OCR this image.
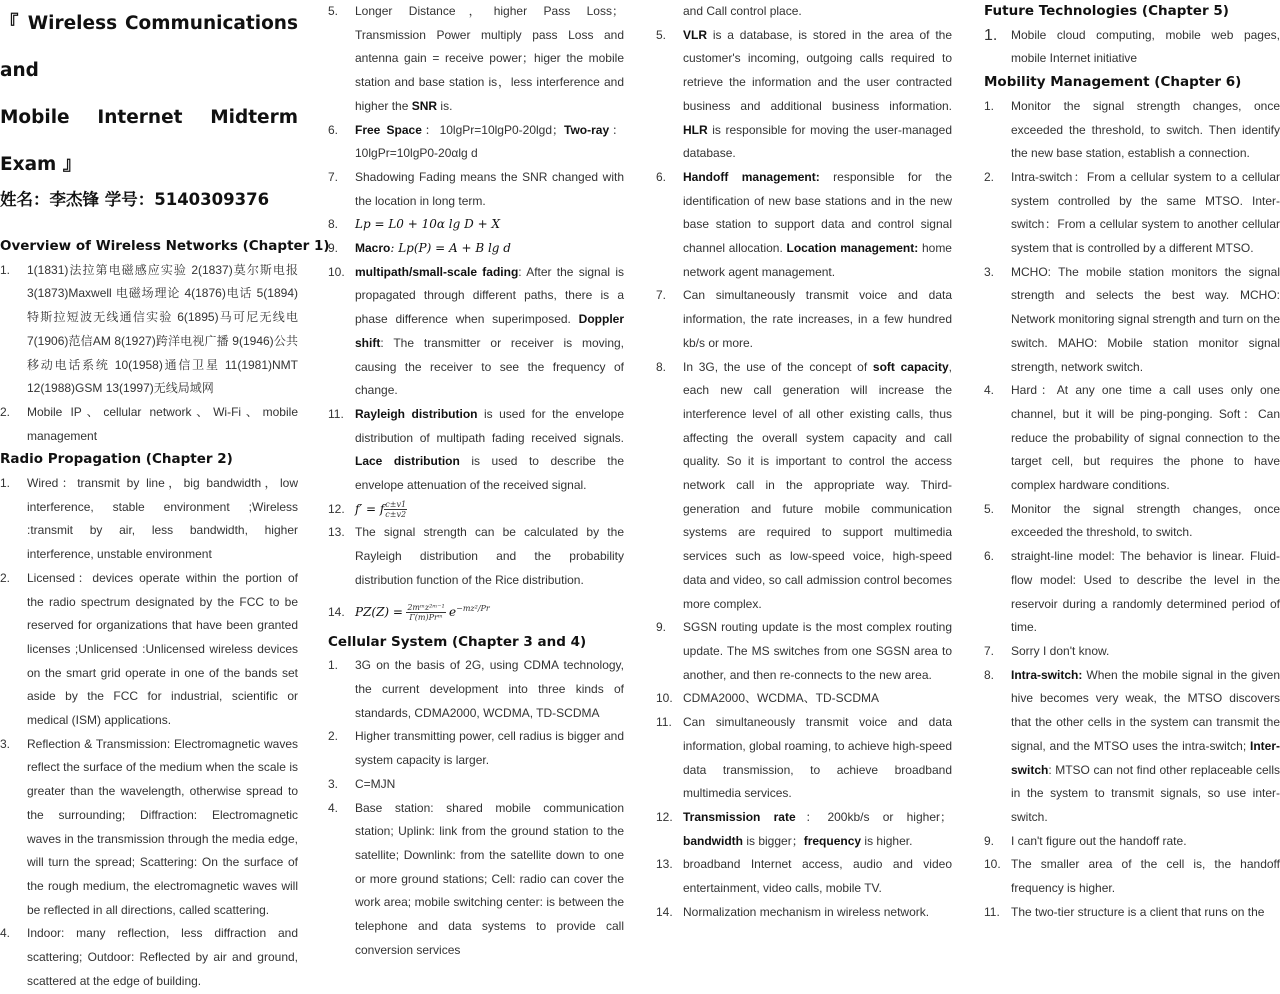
『 Wireless Communications and
Mobile Internet Midterm Exam 』
姓名：李杰锋 学号：5140309376
Overview of Wireless Networks (Chapter 1)
1. 1(1831)法拉第电磁感应实验 2(1837)莫尔斯电报 3(1873)Maxwell 电磁场理论 4(1876)电话 5(1894)特斯拉短波无线通信实验 6(1895)马可尼无线电 7(1906)范信AM 8(1927)跨洋电视广播 9(1946)公共移动电话系统 10(1958)通信卫星 11(1981)NMT 12(1988)GSM 13(1997)无线局域网
2. Mobile IP、cellular network、Wi-Fi、mobile management
Radio Propagation (Chapter 2)
1. Wired：transmit by line，big bandwidth，low interference, stable environment ;Wireless :transmit by air, less bandwidth, higher interference, unstable environment
2. Licensed：devices operate within the portion of the radio spectrum designated by the FCC to be reserved for organizations that have been granted licenses ;Unlicensed :Unlicensed wireless devices on the smart grid operate in one of the bands set aside by the FCC for industrial, scientific or medical (ISM) applications.
3. Reflection & Transmission: Electromagnetic waves reflect the surface of the medium when the scale is greater than the wavelength, otherwise spread to the surrounding; Diffraction: Electromagnetic waves in the transmission through the media edge, will turn the spread; Scattering: On the surface of the rough medium, the electromagnetic waves will be reflected in all directions, called scattering.
4. Indoor: many reflection, less diffraction and scattering; Outdoor: Reflected by air and ground, scattered at the edge of building.
5. Longer Distance，higher Pass Loss；Transmission Power multiply pass Loss and antenna gain = receive power；higer the mobile station and base station is，less interference and higher the SNR is.
6. Free Space：10lgPr=10lgP0-20lgd；Two-ray：10lgPr=10lgP0-20αlg d
7. Shadowing Fading means the SNR changed with the location in long term.
8. Lp = L0 + 10α lg D + X
9. Macro: Lp(P) = A + B lg d
10. multipath/small-scale fading: After the signal is propagated through different paths, there is a phase difference when superimposed. Doppler shift: The transmitter or receiver is moving, causing the receiver to see the frequency of change.
11. Rayleigh distribution is used for the envelope distribution of multipath fading received signals. Lace distribution is used to describe the envelope attenuation of the received signal.
12. f′ = f $\frac{c\pm v1}{c\pm v2}$
13. The signal strength can be calculated by the Rayleigh distribution and the probability distribution function of the Rice distribution.
14. $PZ(Z) = \frac{\text{2mᵐz²ᵐ⁻¹}}{\text{Γ(m)Prᵐ}} e^{-mz^2/Pr}$
Cellular System (Chapter 3 and 4)
1. 3G on the basis of 2G, using CDMA technology, the current development into three kinds of standards, CDMA2000, WCDMA, TD-SCDMA
2. Higher transmitting power, cell radius is bigger and system capacity is larger.
3. C=MJN
4. Base station: shared mobile communication station; Uplink: link from the ground station to the satellite; Downlink: from the satellite down to one or more ground stations; Cell: radio can cover the work area; mobile switching center: is between the telephone and data systems to provide call conversion services
and Call control place.
5. VLR is a database, is stored in the area of the customer's incoming, outgoing calls required to retrieve the information and the user contracted business and additional business information. HLR is responsible for moving the user-managed database.
6. Handoff management: responsible for the identification of new base stations and in the new base station to support data and control signal channel allocation. Location management: home network agent management.
7. Can simultaneously transmit voice and data information, the rate increases, in a few hundred kb/s or more.
8. In 3G, the use of the concept of soft capacity, each new call generation will increase the interference level of all other existing calls, thus affecting the overall system capacity and call quality. So it is important to control the access network call in the appropriate way. Third-generation and future mobile communication systems are required to support multimedia services such as low-speed voice, high-speed data and video, so call admission control becomes more complex.
9. SGSN routing update is the most complex routing update. The MS switches from one SGSN area to another, and then re-connects to the new area.
10. CDMA2000、WCDMA、TD-SCDMA
11. Can simultaneously transmit voice and data information, global roaming, to achieve high-speed data transmission, to achieve broadband multimedia services.
12. Transmission rate：200kb/s or higher；bandwidth is bigger；frequency is higher.
13. broadband Internet access, audio and video entertainment, video calls, mobile TV.
14. Normalization mechanism in wireless network.
Future Technologies (Chapter 5)
1. Mobile cloud computing, mobile web pages, mobile Internet initiative
Mobility Management (Chapter 6)
1. Monitor the signal strength changes, once exceeded the threshold, to switch. Then identify the new base station, establish a connection.
2. Intra-switch：From a cellular system to a cellular system controlled by the same MTSO. Inter-switch：From a cellular system to another cellular system that is controlled by a different MTSO.
3. MCHO: The mobile station monitors the signal strength and selects the best way. MCHO: Network monitoring signal strength and turn on the switch. MAHO: Mobile station monitor signal strength, network switch.
4. Hard：At any one time a call uses only one channel, but it will be ping-ponging. Soft：Can reduce the probability of signal connection to the target cell, but requires the phone to have complex hardware conditions.
5. Monitor the signal strength changes, once exceeded the threshold, to switch.
6. straight-line model: The behavior is linear. Fluid-flow model: Used to describe the level in the reservoir during a randomly determined period of time.
7. Sorry I don't know.
8. Intra-switch: When the mobile signal in the given hive becomes very weak, the MTSO discovers that the other cells in the system can transmit the signal, and the MTSO uses the intra-switch; Inter-switch: MTSO can not find other replaceable cells in the system to transmit signals, so use inter-switch.
9. I can't figure out the handoff rate.
10. The smaller area of the cell is, the handoff frequency is higher.
11. The two-tier structure is a client that runs on the
